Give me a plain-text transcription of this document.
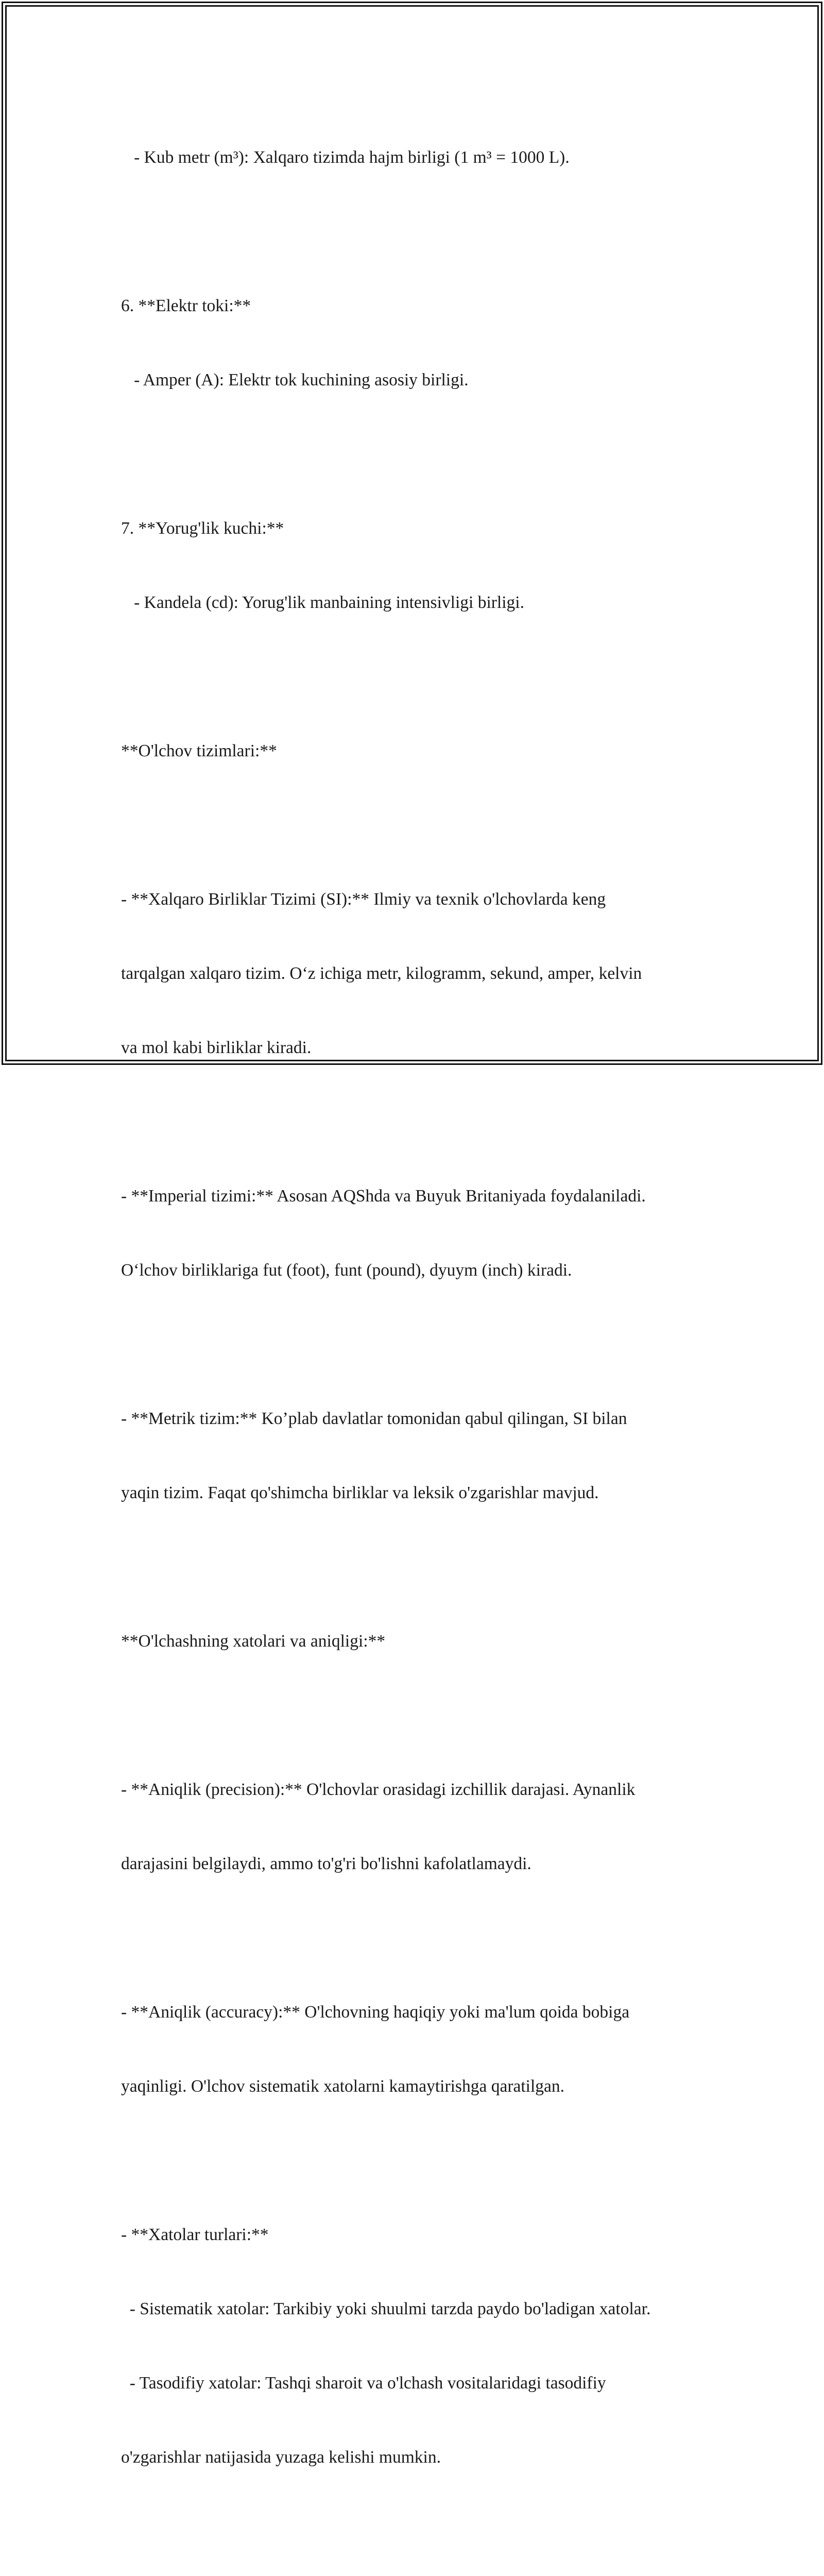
- Kub metr (m³): Xalqaro tizimda hajm birligi (1 m³ = 1000 L).

6. **Elektr toki:**

- Amper (A): Elektr tok kuchining asosiy birligi.

7. **Yorug'lik kuchi:**

- Kandela (cd): Yorug'lik manbaining intensivligi birligi.

**O'lchov tizimlari:**

- **Xalqaro Birliklar Tizimi (SI):** Ilmiy va texnik o'lchovlarda keng

tarqalgan xalqaro tizim. O‘z ichiga metr, kilogramm, sekund, amper, kelvin

va mol kabi birliklar kiradi.

- **Imperial tizimi:** Asosan AQShda va Buyuk Britaniyada foydalaniladi.

O‘lchov birliklariga fut (foot), funt (pound), dyuym (inch) kiradi.

- **Metrik tizim:** Ko’plab davlatlar tomonidan qabul qilingan, SI bilan

yaqin tizim. Faqat qo'shimcha birliklar va leksik o'zgarishlar mavjud.

**O'lchashning xatolari va aniqligi:**

- **Aniqlik (precision):** O'lchovlar orasidagi izchillik darajasi. Aynanlik

darajasini belgilaydi, ammo to'g'ri bo'lishni kafolatlamaydi.

- **Aniqlik (accuracy):** O'lchovning haqiqiy yoki ma'lum qoida bobiga

yaqinligi. O'lchov sistematik xatolarni kamaytirishga qaratilgan.

- **Xatolar turlari:**

- Sistematik xatolar: Tarkibiy yoki shuulmi tarzda paydo bo'ladigan xatolar.

- Tasodifiy xatolar: Tashqi sharoit va o'lchash vositalaridagi tasodifiy

o'zgarishlar natijasida yuzaga kelishi mumkin.
